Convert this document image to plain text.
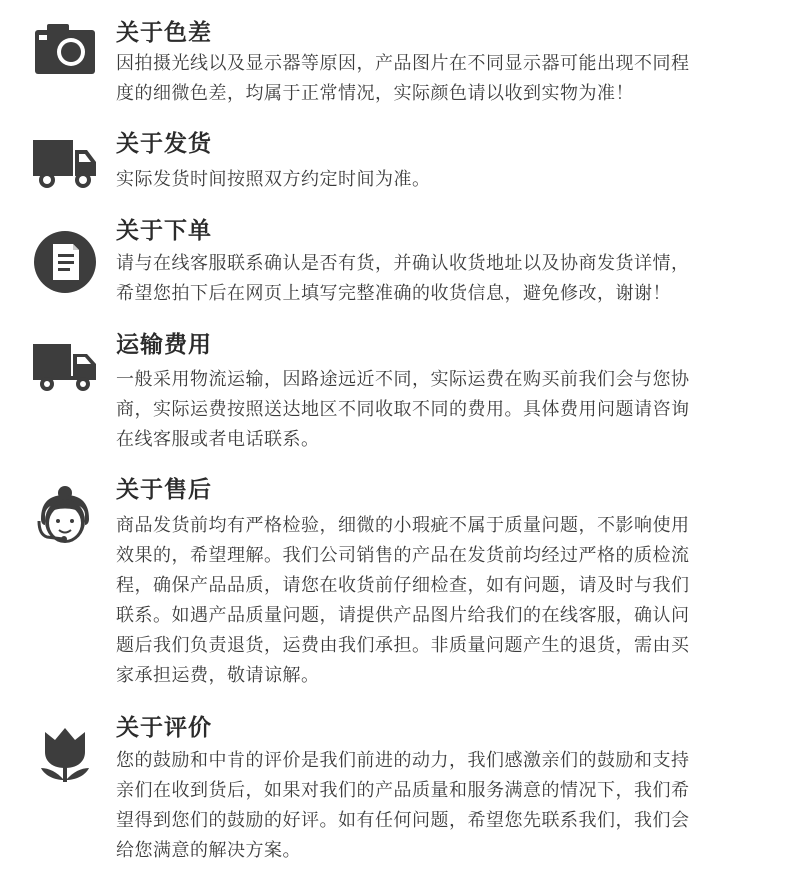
关于色差
因拍摄光线以及显示器等原因，产品图片在不同显示器可能出现不同程
度的细微色差，均属于正常情况，实际颜色请以收到实物为准！
关于发货
实际发货时间按照双方约定时间为准。
关于下单
请与在线客服联系确认是否有货，并确认收货地址以及协商发货详情，
希望您拍下后在网页上填写完整准确的收货信息，避免修改，谢谢！
运输费用
一般采用物流运输，因路途远近不同，实际运费在购买前我们会与您协
商，实际运费按照送达地区不同收取不同的费用。具体费用问题请咨询
在线客服或者电话联系。
关于售后
商品发货前均有严格检验，细微的小瑕疵不属于质量问题，不影响使用
效果的，希望理解。我们公司销售的产品在发货前均经过严格的质检流
程，确保产品品质，请您在收货前仔细检查，如有问题，请及时与我们
联系。如遇产品质量问题，请提供产品图片给我们的在线客服，确认问
题后我们负责退货，运费由我们承担。非质量问题产生的退货，需由买
家承担运费，敬请谅解。
关于评价
您的鼓励和中肯的评价是我们前进的动力，我们感激亲们的鼓励和支持
亲们在收到货后，如果对我们的产品质量和服务满意的情况下，我们希
望得到您们的鼓励的好评。如有任何问题，希望您先联系我们，我们会
给您满意的解决方案。
